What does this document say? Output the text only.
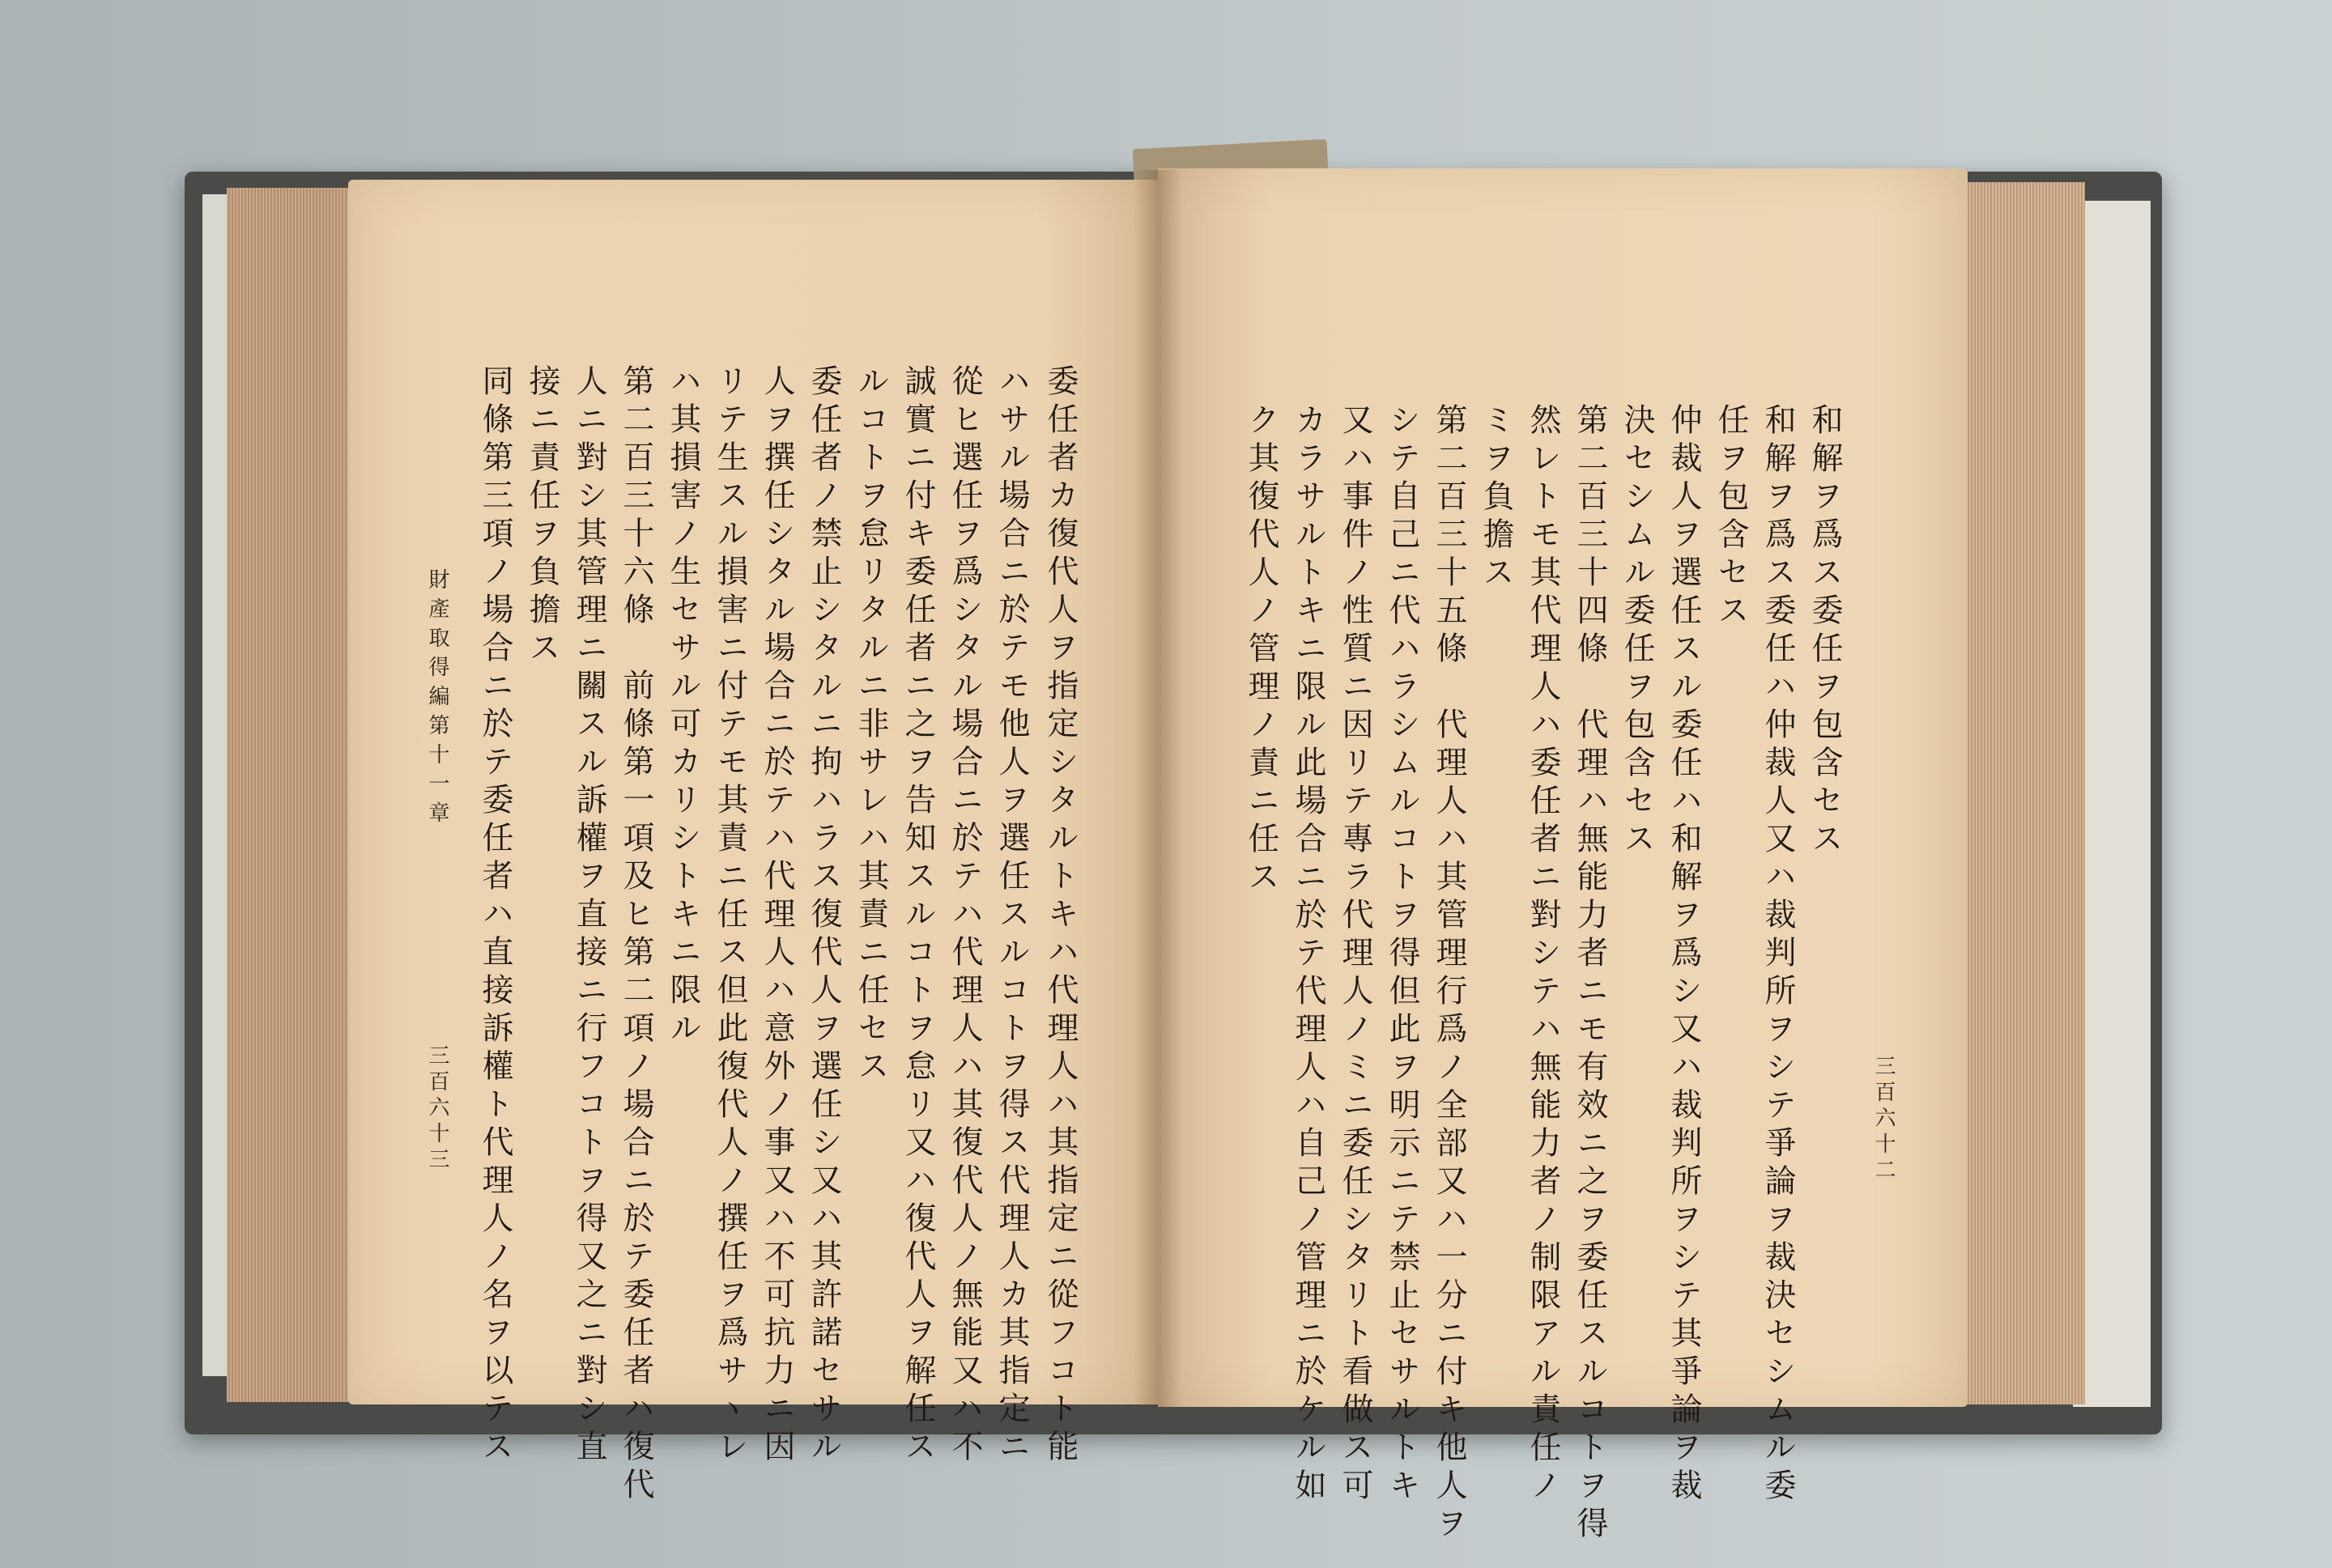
委任者カ復代人ヲ指定シタルトキハ代理人ハ其指定ニ從フコト能
ハサル場合ニ於テモ他人ヲ選任スルコトヲ得ス代理人カ其指定ニ
從ヒ選任ヲ爲シタル場合ニ於テハ代理人ハ其復代人ノ無能又ハ不
誠實ニ付キ委任者ニ之ヲ告知スルコトヲ怠リ又ハ復代人ヲ解任ス
ルコトヲ怠リタルニ非サレハ其責ニ任セス
委任者ノ禁止シタルニ拘ハラス復代人ヲ選任シ又ハ其許諾セサル
人ヲ撰任シタル場合ニ於テハ代理人ハ意外ノ事又ハ不可抗力ニ因
リテ生スル損害ニ付テモ其責ニ任ス但此復代人ノ撰任ヲ爲サヽレ
ハ其損害ノ生セサル可カリシトキニ限ル
第二百三十六條　前條第一項及ヒ第二項ノ場合ニ於テ委任者ハ復代
人ニ對シ其管理ニ關スル訴權ヲ直接ニ行フコトヲ得又之ニ對シ直
接ニ責任ヲ負擔ス
同條第三項ノ場合ニ於テ委任者ハ直接訴權ト代理人ノ名ヲ以テス
財產取得編第十一章
三百六十三
和解ヲ爲ス委任ヲ包含セス
和解ヲ爲ス委任ハ仲裁人又ハ裁判所ヲシテ爭論ヲ裁決セシムル委
任ヲ包含セス
仲裁人ヲ選任スル委任ハ和解ヲ爲シ又ハ裁判所ヲシテ其爭論ヲ裁
決セシムル委任ヲ包含セス
第二百三十四條　代理ハ無能力者ニモ有效ニ之ヲ委任スルコトヲ得
然レトモ其代理人ハ委任者ニ對シテハ無能力者ノ制限アル責任ノ
ミヲ負擔ス
第二百三十五條　代理人ハ其管理行爲ノ全部又ハ一分ニ付キ他人ヲ
シテ自己ニ代ハラシムルコトヲ得但此ヲ明示ニテ禁止セサルトキ
又ハ事件ノ性質ニ因リテ專ラ代理人ノミニ委任シタリト看做ス可
カラサルトキニ限ル此場合ニ於テ代理人ハ自己ノ管理ニ於ケル如
ク其復代人ノ管理ノ責ニ任ス
三百六十二
